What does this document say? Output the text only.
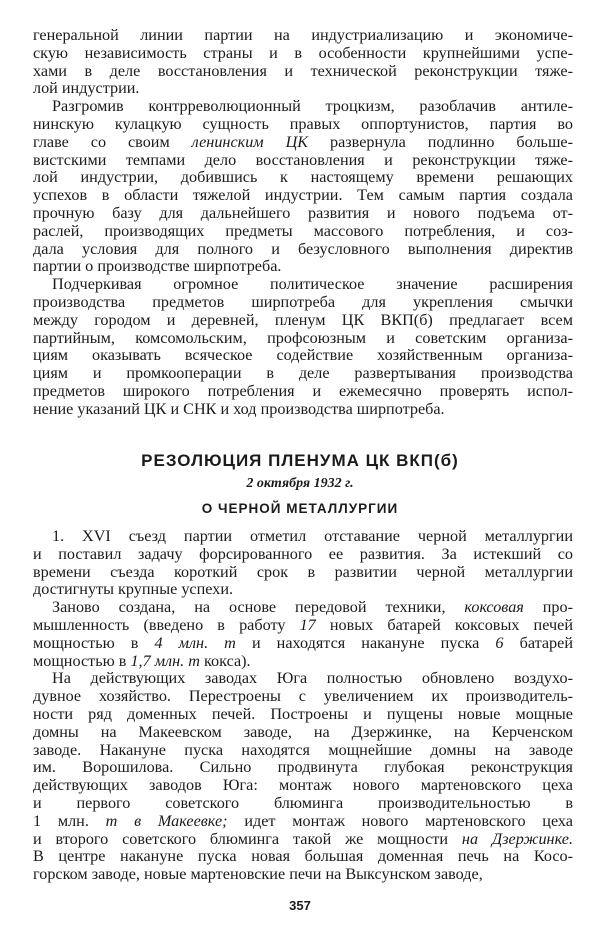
генеральной линии партии на индустриализацию и экономиче-
скую независимость страны и в особенности крупнейшими успе-
хами в деле восстановления и технической реконструкции тяже-
лой индустрии.
Разгромив контрреволюционный троцкизм, разоблачив антиле-
нинскую кулацкую сущность правых оппортунистов, партия во
главе со своим ленинским ЦК развернула подлинно больше-
вистскими темпами дело восстановления и реконструкции тяже-
лой индустрии, добившись к настоящему времени решающих
успехов в области тяжелой индустрии. Тем самым партия создала
прочную базу для дальнейшего развития и нового подъема от-
раслей, производящих предметы массового потребления, и соз-
дала условия для полного и безусловного выполнения директив
партии о производстве ширпотреба.
Подчеркивая огромное политическое значение расширения
производства предметов ширпотреба для укрепления смычки
между городом и деревней, пленум ЦК ВКП(б) предлагает всем
партийным, комсомольским, профсоюзным и советским организа-
циям оказывать всяческое содействие хозяйственным организа-
циям и промкооперации в деле развертывания производства
предметов широкого потребления и ежемесячно проверять испол-
нение указаний ЦК и СНК и ход производства ширпотреба.
РЕЗОЛЮЦИЯ ПЛЕНУМА ЦК ВКП(б)
2 октября 1932 г.
О ЧЕРНОЙ МЕТАЛЛУРГИИ
1. XVI съезд партии отметил отставание черной металлургии
и поставил задачу форсированного ее развития. За истекший со
времени съезда короткий срок в развитии черной металлургии
достигнуты крупные успехи.
Заново создана, на основе передовой техники, коксовая про-
мышленность (введено в работу 17 новых батарей коксовых печей
мощностью в 4 млн. т и находятся накануне пуска 6 батарей
мощностью в 1,7 млн. т кокса).
На действующих заводах Юга полностью обновлено воздухо-
дувное хозяйство. Перестроены с увеличением их производитель-
ности ряд доменных печей. Построены и пущены новые мощные
домны на Макеевском заводе, на Дзержинке, на Керченском
заводе. Накануне пуска находятся мощнейшие домны на заводе
им. Ворошилова. Сильно продвинута глубокая реконструкция
действующих заводов Юга: монтаж нового мартеновского цеха
и первого советского блюминга производительностью в
1 млн. т в Макеевке; идет монтаж нового мартеновского цеха
и второго советского блюминга такой же мощности на Дзержинке.
В центре накануне пуска новая большая доменная печь на Косо-
горском заводе, новые мартеновские печи на Выксунском заводе,
357
